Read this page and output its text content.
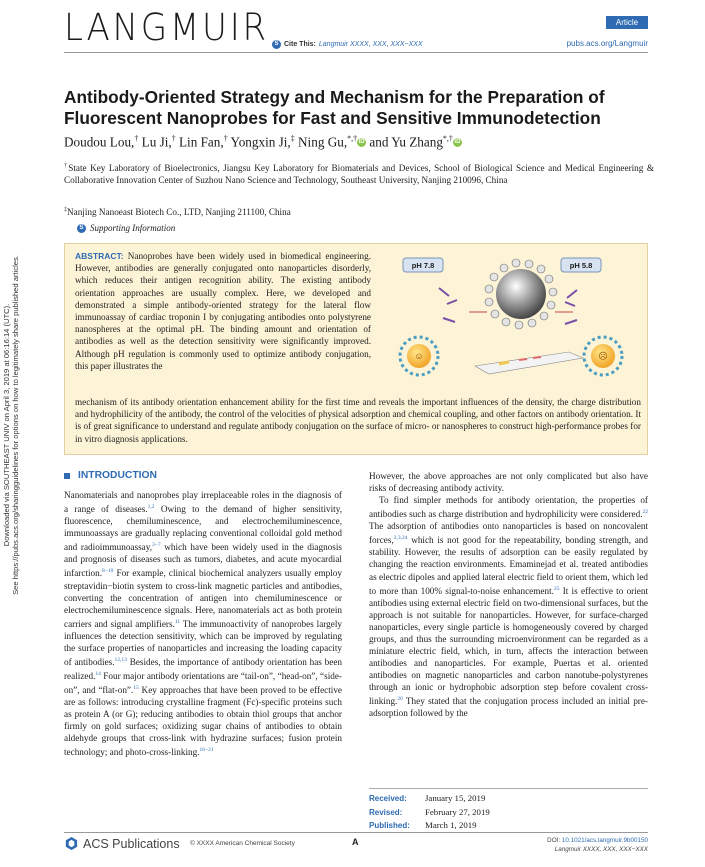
Downloaded via SOUTHEAST UNIV on April 3, 2019 at 06:16:14 (UTC). See https://pubs.acs.org/sharingguidelines for options on how to legitimately share published articles.
LANGMUIR	Article
S Cite This: Langmuir XXXX, XXX, XXX−XXX	pubs.acs.org/Langmuir
Antibody-Oriented Strategy and Mechanism for the Preparation of Fluorescent Nanoprobes for Fast and Sensitive Immunodetection
Doudou Lou,† Lu Ji,† Lin Fan,† Yongxin Ji,‡ Ning Gu,*,† iD and Yu Zhang*,† iD
†State Key Laboratory of Bioelectronics, Jiangsu Key Laboratory for Biomaterials and Devices, School of Biological Science and Medical Engineering & Collaborative Innovation Center of Suzhou Nano Science and Technology, Southeast University, Nanjing 210096, China
‡Nanjing Nanoeast Biotech Co., LTD, Nanjing 211100, China
S Supporting Information
ABSTRACT: Nanoprobes have been widely used in biomedical engineering. However, antibodies are generally conjugated onto nanoparticles disorderly, which reduces their antigen recognition ability. The existing antibody orientation approaches are usually complex. Here, we developed and demonstrated a simple antibody-oriented strategy for the lateral flow immunoassay of cardiac troponin I by conjugating antibodies onto polystyrene nanospheres at the optimal pH. The binding amount and orientation of antibodies as well as the detection sensitivity were significantly improved. Although pH regulation is commonly used to optimize antibody conjugation, this paper illustrates the
mechanism of its antibody orientation enhancement ability for the first time and reveals the important influences of the density, the charge distribution and hydrophilicity of the antibody, the control of the velocities of physical adsorption and chemical coupling, and other factors on antibody orientation. It is of great significance to understand and regulate antibody conjugation on the surface of micro- or nanospheres to construct high-performance probes for in vitro diagnosis applications.
pH 7.8	pH 5.8
☺	☹
INTRODUCTION

Nanomaterials and nanoprobes play irreplaceable roles in the diagnosis of a range of diseases.$^{1,2}$ Owing to the demand of higher sensitivity, fluorescence, chemiluminescence, and electrochemiluminescence, immunoassays are gradually replacing conventional colloidal gold method and radioimmunoassay,$^{3-7}$ which have been widely used in the diagnosis and prognosis of diseases such as tumors, diabetes, and acute myocardial infarction.$^{8-10}$ For example, clinical biochemical analyzers usually employ streptavidin−biotin system to cross-link magnetic particles and antibodies, converting the concentration of antigen into chemiluminescence or electrochemiluminescence signals. Here, nanomaterials act as both protein carriers and signal amplifiers.$^{11}$ The immunoactivity of nanoprobes largely influences the detection sensitivity, which can be improved by regulating the surface properties of nanoparticles and increasing the loading capacity of antibodies.$^{12,13}$ Besides, the importance of antibody orientation has been realized.$^{14}$ Four major antibody orientations are “tail-on”, “head-on”, “side-on”, and “flat-on”.$^{15}$ Key approaches that have been proved to be effective are as follows: introducing crystalline fragment (Fc)-specific proteins such as protein A (or G); reducing antibodies to obtain thiol groups that anchor firmly on gold surfaces; oxidizing sugar chains of antibodies to obtain aldehyde groups that cross-link with hydrazine surfaces; fusion protein technology; and photo-cross-linking.$^{16-21}$

However, the above approaches are not only complicated but also have risks of decreasing antibody activity.

To find simpler methods for antibody orientation, the properties of antibodies such as charge distribution and hydrophilicity were considered.$^{22}$ The adsorption of antibodies onto nanoparticles is based on noncovalent forces,$^{2,3,24}$ which is not good for the repeatability, bonding strength, and stability. However, the results of adsorption can be easily regulated by changing the reaction environments. Emaminejad et al. treated antibodies as electric dipoles and applied lateral electric field to orient them, which led to more than 100% signal-to-noise enhancement.$^{25}$ It is effective to orient antibodies using external electric field on two-dimensional surfaces, but the approach is not suitable for nanoparticles. However, for surface-charged nanoparticles, every single particle is homogeneously covered by charged groups, and thus the surrounding microenvironment can be regarded as a miniature electric field, which, in turn, affects the interaction between antibodies and nanoparticles. For example, Puertas et al. oriented antibodies on magnetic nanoparticles and carbon nanotube-polystyrenes through an ionic or hydrophobic adsorption step before covalent cross-linking.$^{26}$ They stated that the conjugation process included an initial pre-adsorption followed by the

Received:	January 15, 2019
Revised:	February 27, 2019
Published:	March 1, 2019
ACS Publications © XXXX American Chemical Society	A	DOI: 10.1021/acs.langmuir.9b00150
Langmuir XXXX, XXX, XXX−XXX
